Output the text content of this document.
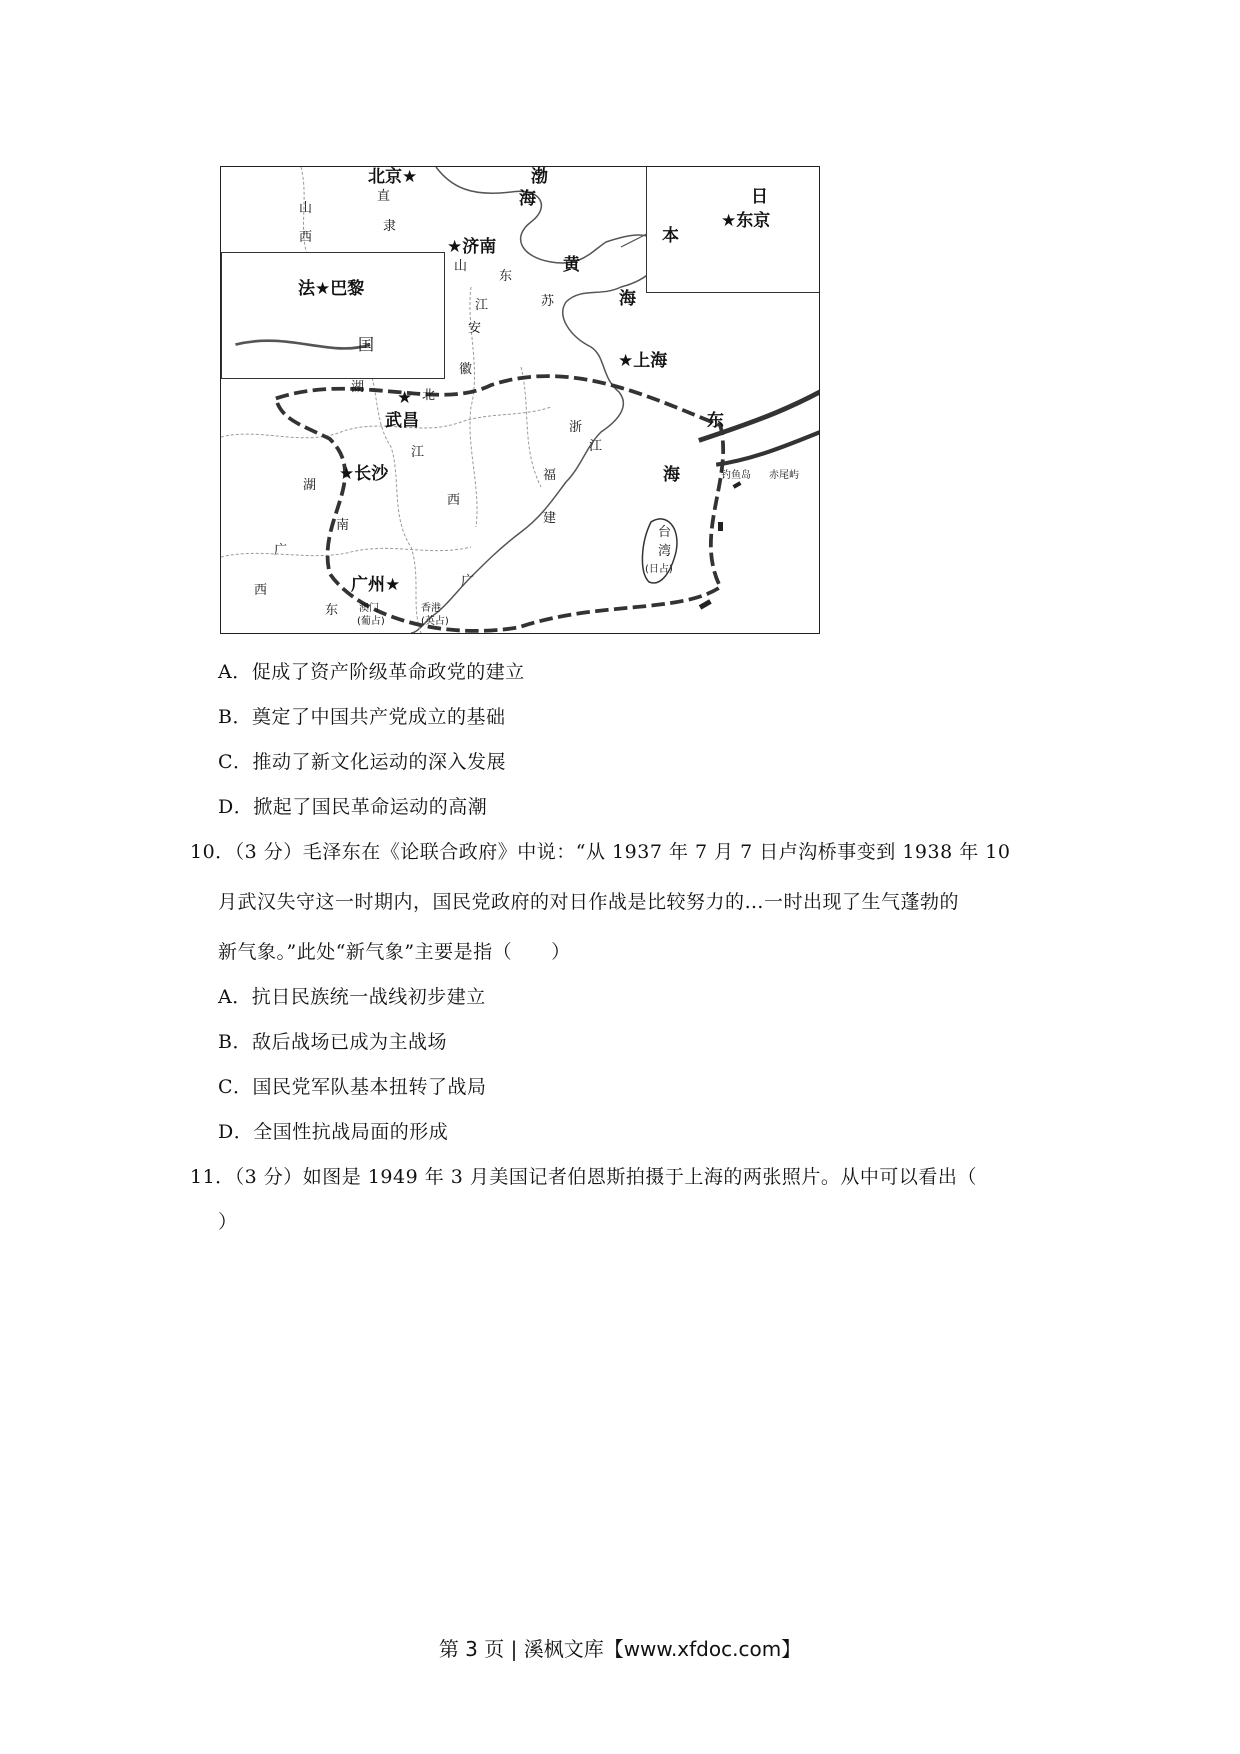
北京★
★济南
★上海
★
武昌
★长沙
广州★
法★巴黎
★东京
山
西
直
隶
山
东
江	苏
安
徽
湖
北
浙
江
江
西
湖
南
福
建
广
西
广
东
国
日
本
台
湾
(日占)
澳门
(葡占)
香港
(英占)
钓鱼岛 赤尾屿
渤
海
黄
海
东
海
A．促成了资产阶级革命政党的建立
B．奠定了中国共产党成立的基础
C．推动了新文化运动的深入发展
D．掀起了国民革命运动的高潮
10．（3 分）毛泽东在《论联合政府》中说：“从 1937 年 7 月 7 日卢沟桥事变到 1938 年 10
月武汉失守这一时期内，国民党政府的对日作战是比较努力的…一时出现了生气蓬勃的
新气象。”此处“新气象”主要是指（　　）
A．抗日民族统一战线初步建立
B．敌后战场已成为主战场
C．国民党军队基本扭转了战局
D．全国性抗战局面的形成
11．（3 分）如图是 1949 年 3 月美国记者伯恩斯拍摄于上海的两张照片。从中可以看出（
）
第 3 页 | 溪枫文库【www.xfdoc.com】
